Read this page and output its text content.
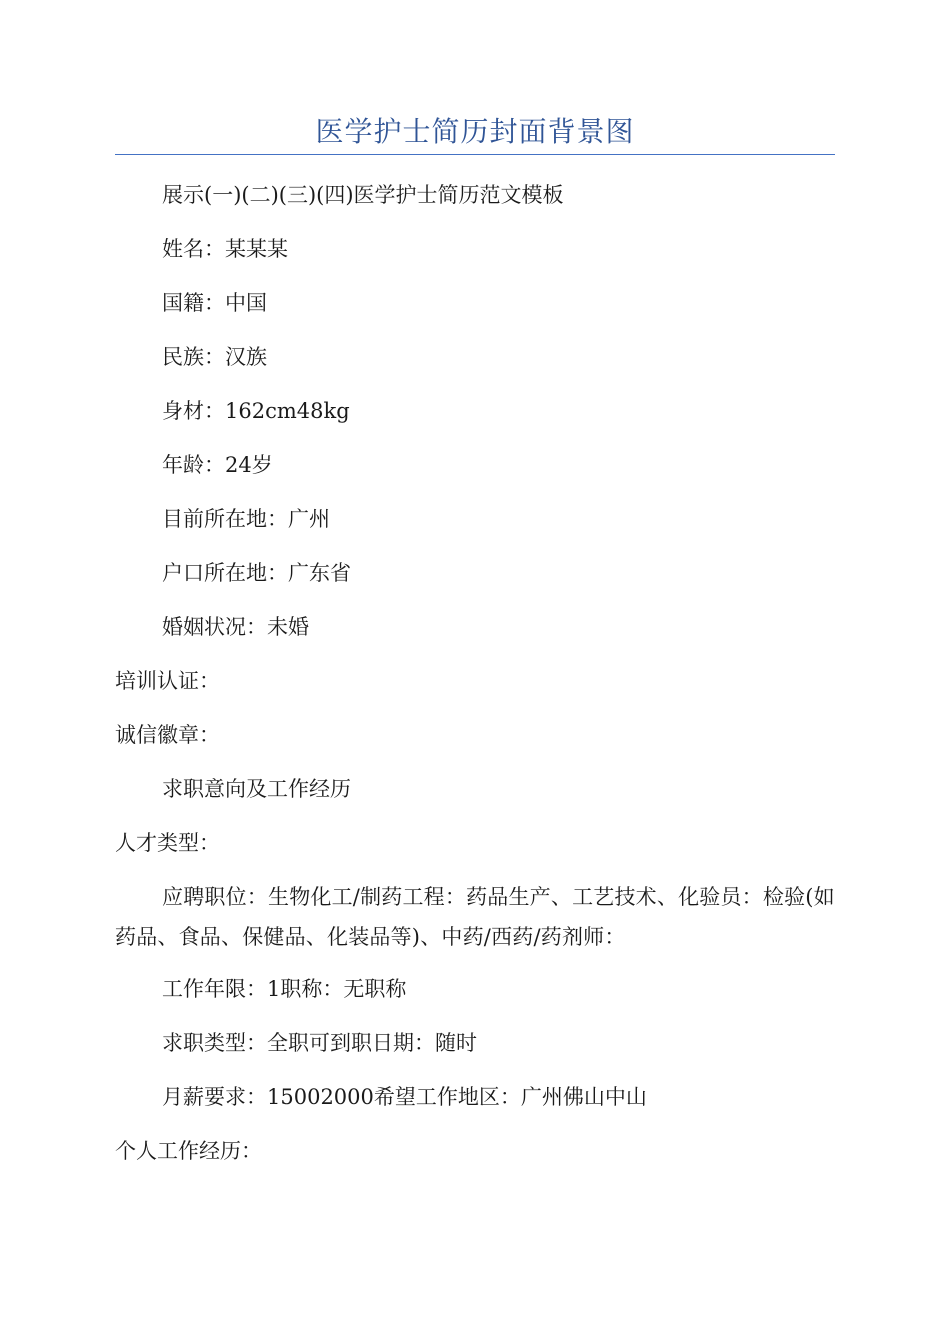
医学护士简历封面背景图
展示(一)(二)(三)(四)医学护士简历范文模板
姓名：某某某
国籍：中国
民族：汉族
身材：162cm48kg
年龄：24岁
目前所在地：广州
户口所在地：广东省
婚姻状况：未婚
培训认证：
诚信徽章：
求职意向及工作经历
人才类型：
应聘职位：生物化工/制药工程：药品生产、工艺技术、化验员：检验(如药品、食品、保健品、化装品等)、中药/西药/药剂师：
工作年限：1职称：无职称
求职类型：全职可到职日期：随时
月薪要求：15002000希望工作地区：广州佛山中山
个人工作经历：
